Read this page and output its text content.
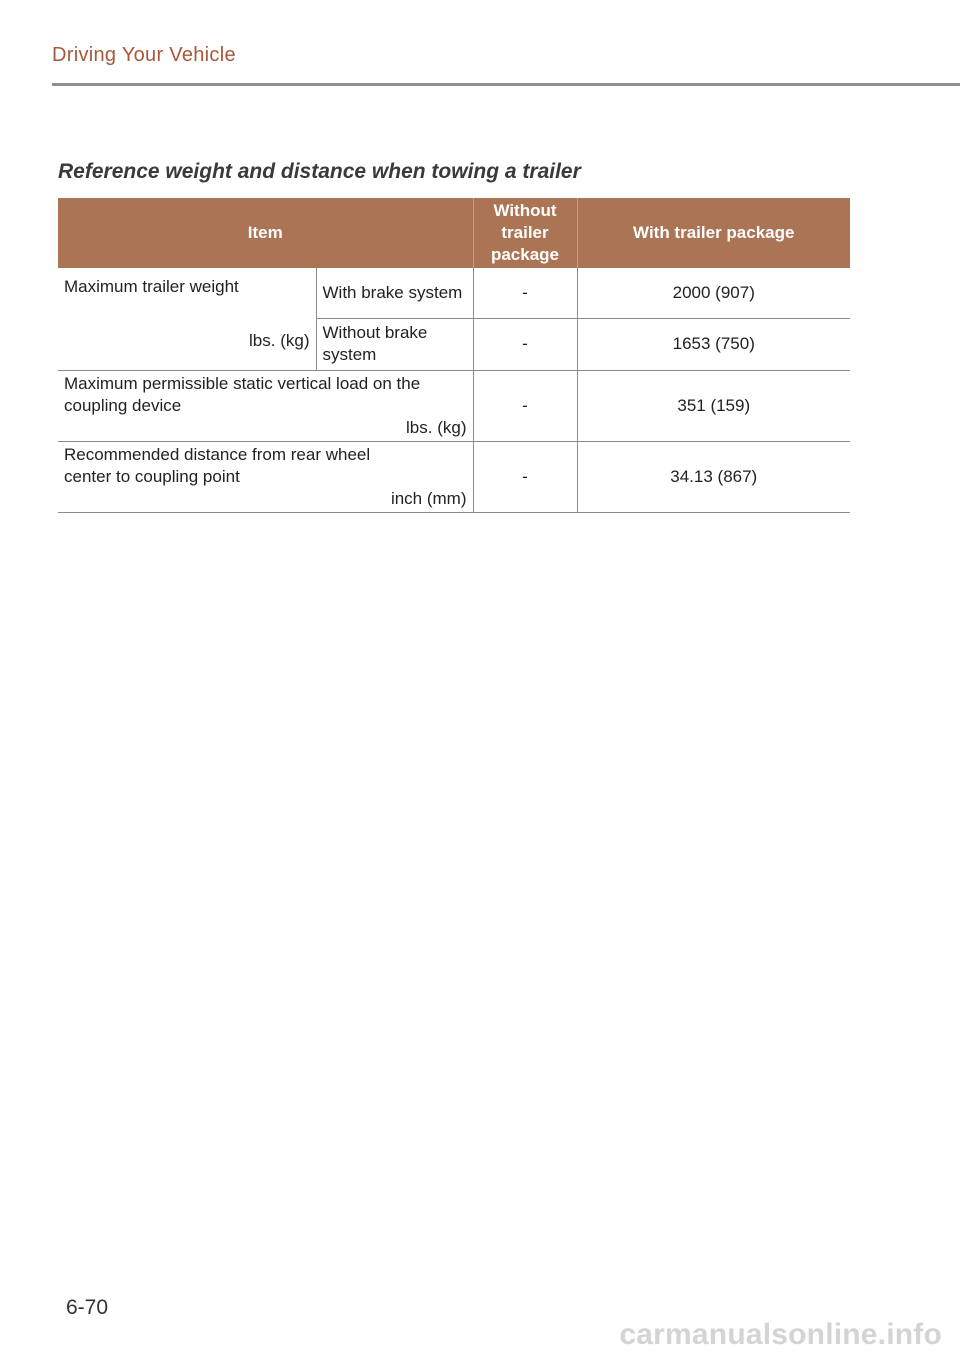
Driving Your Vehicle
Reference weight and distance when towing a trailer
Item		Without trailer package	With trailer package

Maximum trailer weight
lbs. (kg)	With brake system	-	2000 (907)
	Without brake system	-	1653 (750)

Maximum permissible static vertical load on the coupling device
lbs. (kg)		-	351 (159)

Recommended distance from rear wheel center to coupling point
inch (mm)		-	34.13 (867)
6-70
carmanualsonline.info
